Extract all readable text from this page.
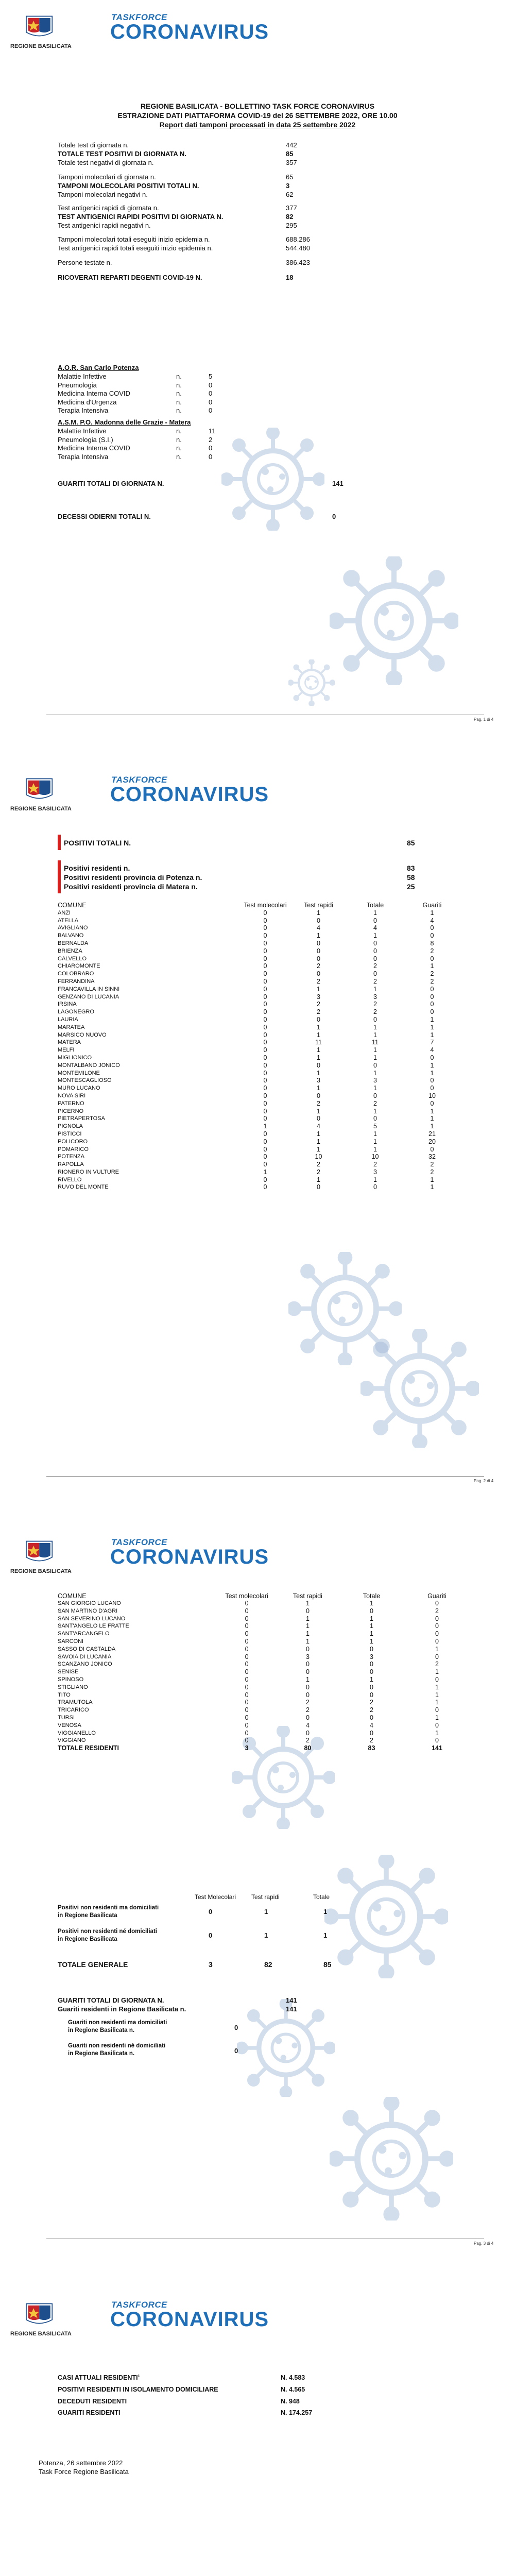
REGIONE BASILICATA
TASKFORCE
CORONAVIRUS
REGIONE BASILICATA - BOLLETTINO TASK FORCE CORONAVIRUS
ESTRAZIONE DATI PIATTAFORMA COVID-19 del 26 SETTEMBRE 2022, ORE 10.00
Report dati tamponi processati in data 25 settembre 2022
Totale test di giornata n.	442
TOTALE TEST POSITIVI DI GIORNATA N.	85
Totale test negativi di giornata n.	357
Tamponi molecolari di giornata n.	65
TAMPONI MOLECOLARI POSITIVI TOTALI N.	3
Tamponi molecolari negativi n.	62
Test antigenici rapidi di giornata n.	377
TEST ANTIGENICI RAPIDI POSITIVI DI GIORNATA N.	82
Test antigenici rapidi negativi n.	295
Tamponi molecolari totali eseguiti inizio epidemia n.	688.286
Test antigenici rapidi totali eseguiti inizio epidemia n.	544.480
Persone testate n.	386.423
RICOVERATI REPARTI DEGENTI COVID-19 N.	18
A.O.R. San Carlo Potenza
Malattie Infettive	n.	5
Pneumologia	n.	0
Medicina Interna COVID	n.	0
Medicina d'Urgenza	n.	0
Terapia Intensiva	n.	0
A.S.M. P.O. Madonna delle Grazie - Matera
Malattie Infettive	n.	11
Pneumologia (S.I.)	n.	2
Medicina Interna COVID	n.	0
Terapia Intensiva	n.	0
GUARITI TOTALI DI GIORNATA N.	141
DECESSI ODIERNI TOTALI N.	0
Pag. 1 di 4
REGIONE BASILICATA
TASKFORCE
CORONAVIRUS
POSITIVI TOTALI N.	85
Positivi residenti n.	83
Positivi residenti provincia di Potenza n.	58
Positivi residenti provincia di Matera n.	25
COMUNE	Test molecolari	Test rapidi	Totale	Guariti
ANZI	0	1	1	1
ATELLA	0	0	0	4
AVIGLIANO	0	4	4	0
BALVANO	0	1	1	0
BERNALDA	0	0	0	8
BRIENZA	0	0	0	2
CALVELLO	0	0	0	0
CHIAROMONTE	0	2	2	1
COLOBRARO	0	0	0	2
FERRANDINA	0	2	2	2
FRANCAVILLA IN SINNI	0	1	1	0
GENZANO DI LUCANIA	0	3	3	0
IRSINA	0	2	2	0
LAGONEGRO	0	2	2	0
LAURIA	0	0	0	1
MARATEA	0	1	1	1
MARSICO NUOVO	0	1	1	1
MATERA	0	11	11	7
MELFI	0	1	1	4
MIGLIONICO	0	1	1	0
MONTALBANO JONICO	0	0	0	1
MONTEMILONE	0	1	1	1
MONTESCAGLIOSO	0	3	3	0
MURO LUCANO	0	1	1	0
NOVA SIRI	0	0	0	10
PATERNO	0	2	2	0
PICERNO	0	1	1	1
PIETRAPERTOSA	0	0	0	1
PIGNOLA	1	4	5	1
PISTICCI	0	1	1	21
POLICORO	0	1	1	20
POMARICO	0	1	1	0
POTENZA	0	10	10	32
RAPOLLA	0	2	2	2
RIONERO IN VULTURE	1	2	3	2
RIVELLO	0	1	1	1
RUVO DEL MONTE	0	0	0	1
Pag. 2 di 4
REGIONE BASILICATA
TASKFORCE
CORONAVIRUS
COMUNE	Test molecolari	Test rapidi	Totale	Guariti
SAN GIORGIO LUCANO	0	1	1	0
SAN MARTINO D'AGRI	0	0	0	2
SAN SEVERINO LUCANO	0	1	1	0
SANT'ANGELO LE FRATTE	0	1	1	0
SANT'ARCANGELO	0	1	1	0
SARCONI	0	1	1	0
SASSO DI CASTALDA	0	0	0	1
SAVOIA DI LUCANIA	0	3	3	0
SCANZANO JONICO	0	0	0	2
SENISE	0	0	0	1
SPINOSO	0	1	1	0
STIGLIANO	0	0	0	1
TITO	0	0	0	1
TRAMUTOLA	0	2	2	1
TRICARICO	0	2	2	0
TURSI	0	0	0	1
VENOSA	0	4	4	0
VIGGIANELLO	0	0	0	1
VIGGIANO	0	2	2	0
TOTALE RESIDENTI	3	80	83	141
Test Molecolari Test rapidi	Totale
Positivi non residenti ma domiciliati
in Regione Basilicata	0	1	1
Positivi non residenti né domiciliati
in Regione Basilicata	0	1	1
TOTALE GENERALE	3	82	85
GUARITI TOTALI DI GIORNATA N.	141
Guariti residenti in Regione Basilicata n.	141
Guariti non residenti ma domiciliati
in Regione Basilicata n.	0
Guariti non residenti né domiciliati
in Regione Basilicata n.	0
Pag. 3 di 4
REGIONE BASILICATA
TASKFORCE
CORONAVIRUS
CASI ATTUALI RESIDENTI$^1$	N. 4.583
POSITIVI RESIDENTI IN ISOLAMENTO DOMICILIARE	N. 4.565
DECEDUTI RESIDENTI	N. 948
GUARITI RESIDENTI	N. 174.257
Potenza, 26 settembre 2022
Task Force Regione Basilicata
